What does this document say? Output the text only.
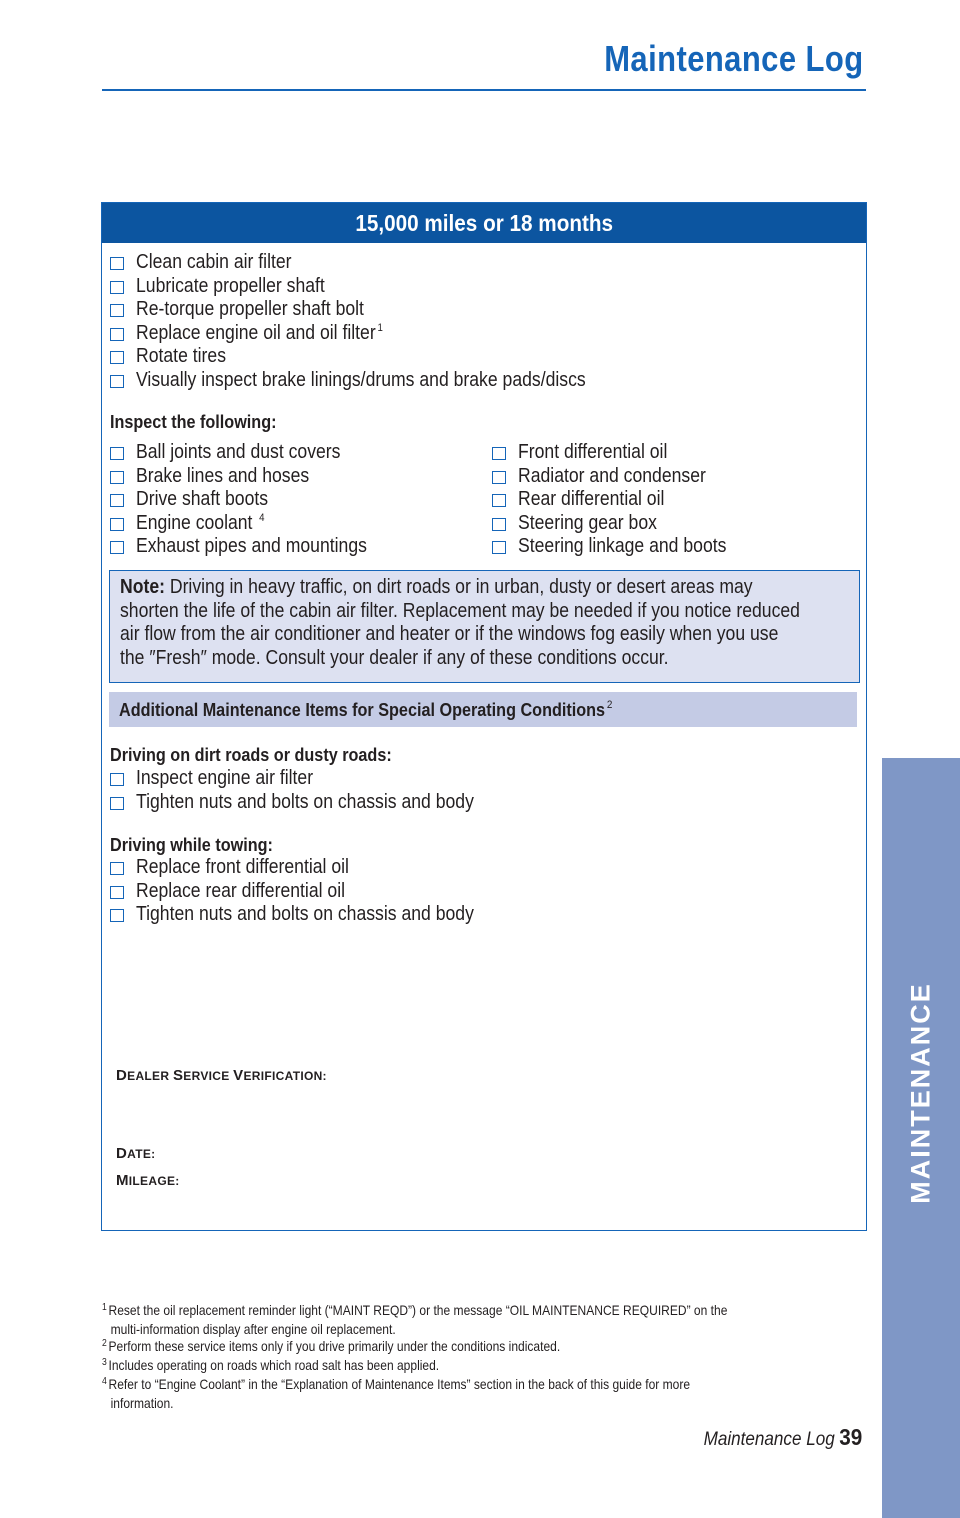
Maintenance Log
MAINTENANCE
15,000 miles or 18 months
Clean cabin air filter
Lubricate propeller shaft
Re-torque propeller shaft bolt
Replace engine oil and oil filter $^1$
Rotate tires
Visually inspect brake linings/drums and brake pads/discs
Inspect the following:
Ball joints and dust covers
Brake lines and hoses
Drive shaft boots
Engine coolant $^4$
Exhaust pipes and mountings
Front differential oil
Radiator and condenser
Rear differential oil
Steering gear box
Steering linkage and boots
Note: Driving in heavy traffic, on dirt roads or in urban, dusty or desert areas may
shorten the life of the cabin air filter. Replacement may be needed if you notice reduced
air flow from the air conditioner and heater or if the windows fog easily when you use
the ″Fresh″ mode. Consult your dealer if any of these conditions occur.
Additional Maintenance Items for Special Operating Conditions $^2$
Driving on dirt roads or dusty roads:
Inspect engine air filter
Tighten nuts and bolts on chassis and body
Driving while towing:
Replace front differential oil
Replace rear differential oil
Tighten nuts and bolts on chassis and body
DEALER SERVICE VERIFICATION:
DATE:
MILEAGE:
$^1$ Reset the oil replacement reminder light (“MAINT REQD”) or the message “OIL MAINTENANCE REQUIRED” on the
multi-information display after engine oil replacement.
$^2$ Perform these service items only if you drive primarily under the conditions indicated.
$^3$ Includes operating on roads which road salt has been applied.
$^4$ Refer to “Engine Coolant” in the “Explanation of Maintenance Items” section in the back of this guide for more
information.
Maintenance Log 39
